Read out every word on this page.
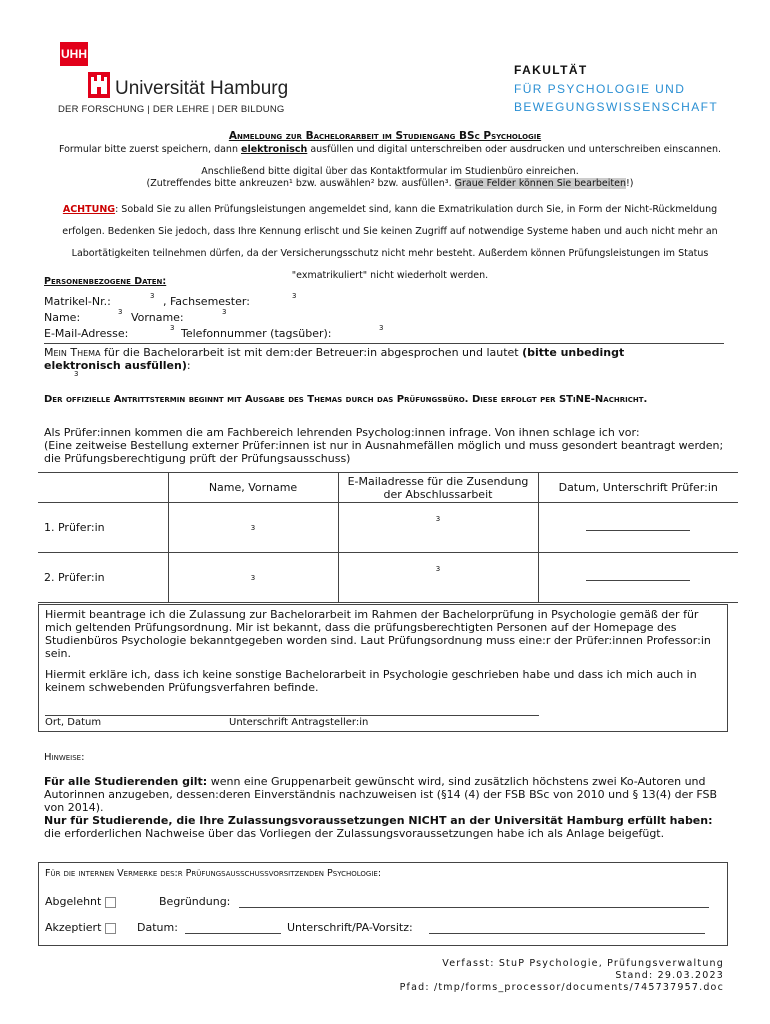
UHH
Universität Hamburg
DER FORSCHUNG | DER LEHRE | DER BILDUNG
FAKULTÄT
FÜR PSYCHOLOGIE UND
BEWEGUNGSWISSENSCHAFT
Anmeldung zur Bachelorarbeit im Studiengang BSc Psychologie
Formular bitte zuerst speichern, dann elektronisch ausfüllen und digital unterschreiben oder ausdrucken und unterschreiben einscannen.
Anschließend bitte digital über das Kontaktformular im Studienbüro einreichen.
(Zutreffendes bitte ankreuzen¹ bzw. auswählen² bzw. ausfüllen³. Graue Felder können Sie bearbeiten!)
ACHTUNG: Sobald Sie zu allen Prüfungsleistungen angemeldet sind, kann die Exmatrikulation durch Sie, in Form der Nicht-Rückmeldung erfolgen. Bedenken Sie jedoch, dass Ihre Kennung erlischt und Sie keinen Zugriff auf notwendige Systeme haben und auch nicht mehr an Labortätigkeiten teilnehmen dürfen, da der Versicherungsschutz nicht mehr besteht. Außerdem können Prüfungsleistungen im Status "exmatrikuliert" nicht wiederholt werden.
Personenbezogene Daten:
Matrikel-Nr.:	3 , Fachsemester:	3
Name:	3 Vorname:	3
E-Mail-Adresse:	3 Telefonnummer (tagsüber):	3
Mein Thema für die Bachelorarbeit ist mit dem:der Betreuer:in abgesprochen und lautet (bitte unbedingt elektronisch ausfüllen):
3
Der offizielle Antrittstermin beginnt mit Ausgabe des Themas durch das Prüfungsbüro. Diese erfolgt per STiNE-Nachricht.
Als Prüfer:innen kommen die am Fachbereich lehrenden Psycholog:innen infrage. Von ihnen schlage ich vor:
(Eine zeitweise Bestellung externer Prüfer:innen ist nur in Ausnahmefällen möglich und muss gesondert beantragt werden; die Prüfungsberechtigung prüft der Prüfungsausschuss)
	Name, Vorname	E-Mailadresse für die Zusendung der Abschlussarbeit	Datum, Unterschrift Prüfer:in
1. Prüfer:in	3	3	
2. Prüfer:in	3	3	
Hiermit beantrage ich die Zulassung zur Bachelorarbeit im Rahmen der Bachelorprüfung in Psychologie gemäß der für mich geltenden Prüfungsordnung. Mir ist bekannt, dass die prüfungsberechtigten Personen auf der Homepage des Studienbüros Psychologie bekanntgegeben worden sind. Laut Prüfungsordnung muss eine:r der Prüfer:innen Professor:in sein.
Hiermit erkläre ich, dass ich keine sonstige Bachelorarbeit in Psychologie geschrieben habe und dass ich mich auch in keinem schwebenden Prüfungsverfahren befinde.
Ort, Datum	Unterschrift Antragsteller:in
Hinweise:
Für alle Studierenden gilt: wenn eine Gruppenarbeit gewünscht wird, sind zusätzlich höchstens zwei Ko-Autoren und Autorinnen anzugeben, dessen:deren Einverständnis nachzuweisen ist (§14 (4) der FSB BSc von 2010 und § 13(4) der FSB von 2014).
Nur für Studierende, die Ihre Zulassungsvoraussetzungen NICHT an der Universität Hamburg erfüllt haben: die erforderlichen Nachweise über das Vorliegen der Zulassungsvoraussetzungen habe ich als Anlage beigefügt.
Für die internen Vermerke des:r Prüfungsausschussvorsitzenden Psychologie:
Abgelehnt	Begründung:
Akzeptiert	Datum:	Unterschrift/PA-Vorsitz:
Verfasst: StuP Psychologie, Prüfungsverwaltung
Stand: 29.03.2023
Pfad: /tmp/forms_processor/documents/745737957.doc
